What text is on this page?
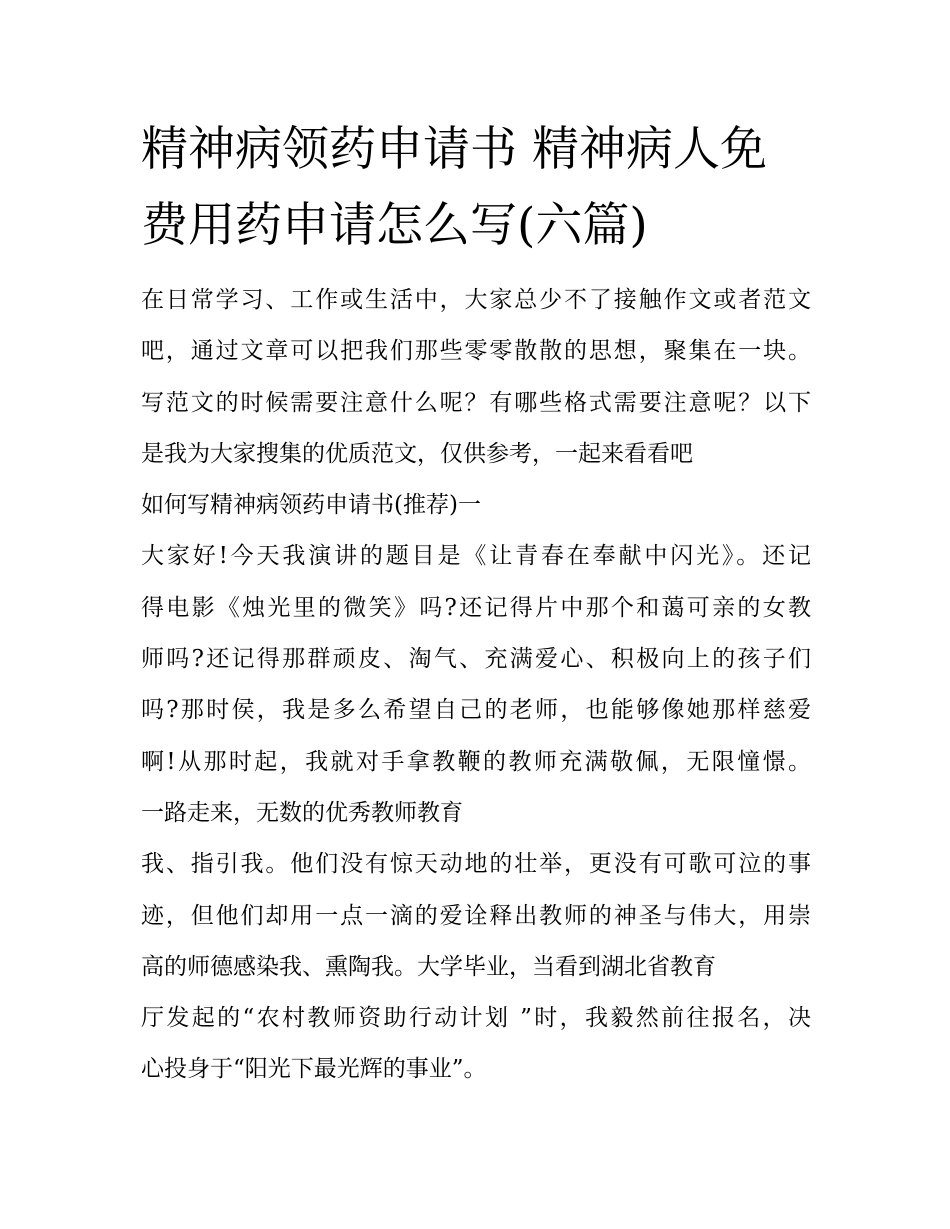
精神病领药申请书 精神病人免
费用药申请怎么写(六篇)
在日常学习、工作或生活中，大家总少不了接触作文或者范文
吧，通过文章可以把我们那些零零散散的思想，聚集在一块。
写范文的时候需要注意什么呢？有哪些格式需要注意呢？以下
是我为大家搜集的优质范文，仅供参考，一起来看看吧
如何写精神病领药申请书(推荐)一
大家好!今天我演讲的题目是《让青春在奉献中闪光》。还记
得电影《烛光里的微笑》吗?还记得片中那个和蔼可亲的女教
师吗?还记得那群顽皮、淘气、充满爱心、积极向上的孩子们
吗?那时侯，我是多么希望自己的老师，也能够像她那样慈爱
啊!从那时起，我就对手拿教鞭的教师充满敬佩，无限憧憬。
一路走来，无数的优秀教师教育
我、指引我。他们没有惊天动地的壮举，更没有可歌可泣的事
迹，但他们却用一点一滴的爱诠释出教师的神圣与伟大，用崇
高的师德感染我、熏陶我。大学毕业，当看到湖北省教育
厅发起的“农村教师资助行动计划 ”时，我毅然前往报名，决
心投身于“阳光下最光辉的事业”。
